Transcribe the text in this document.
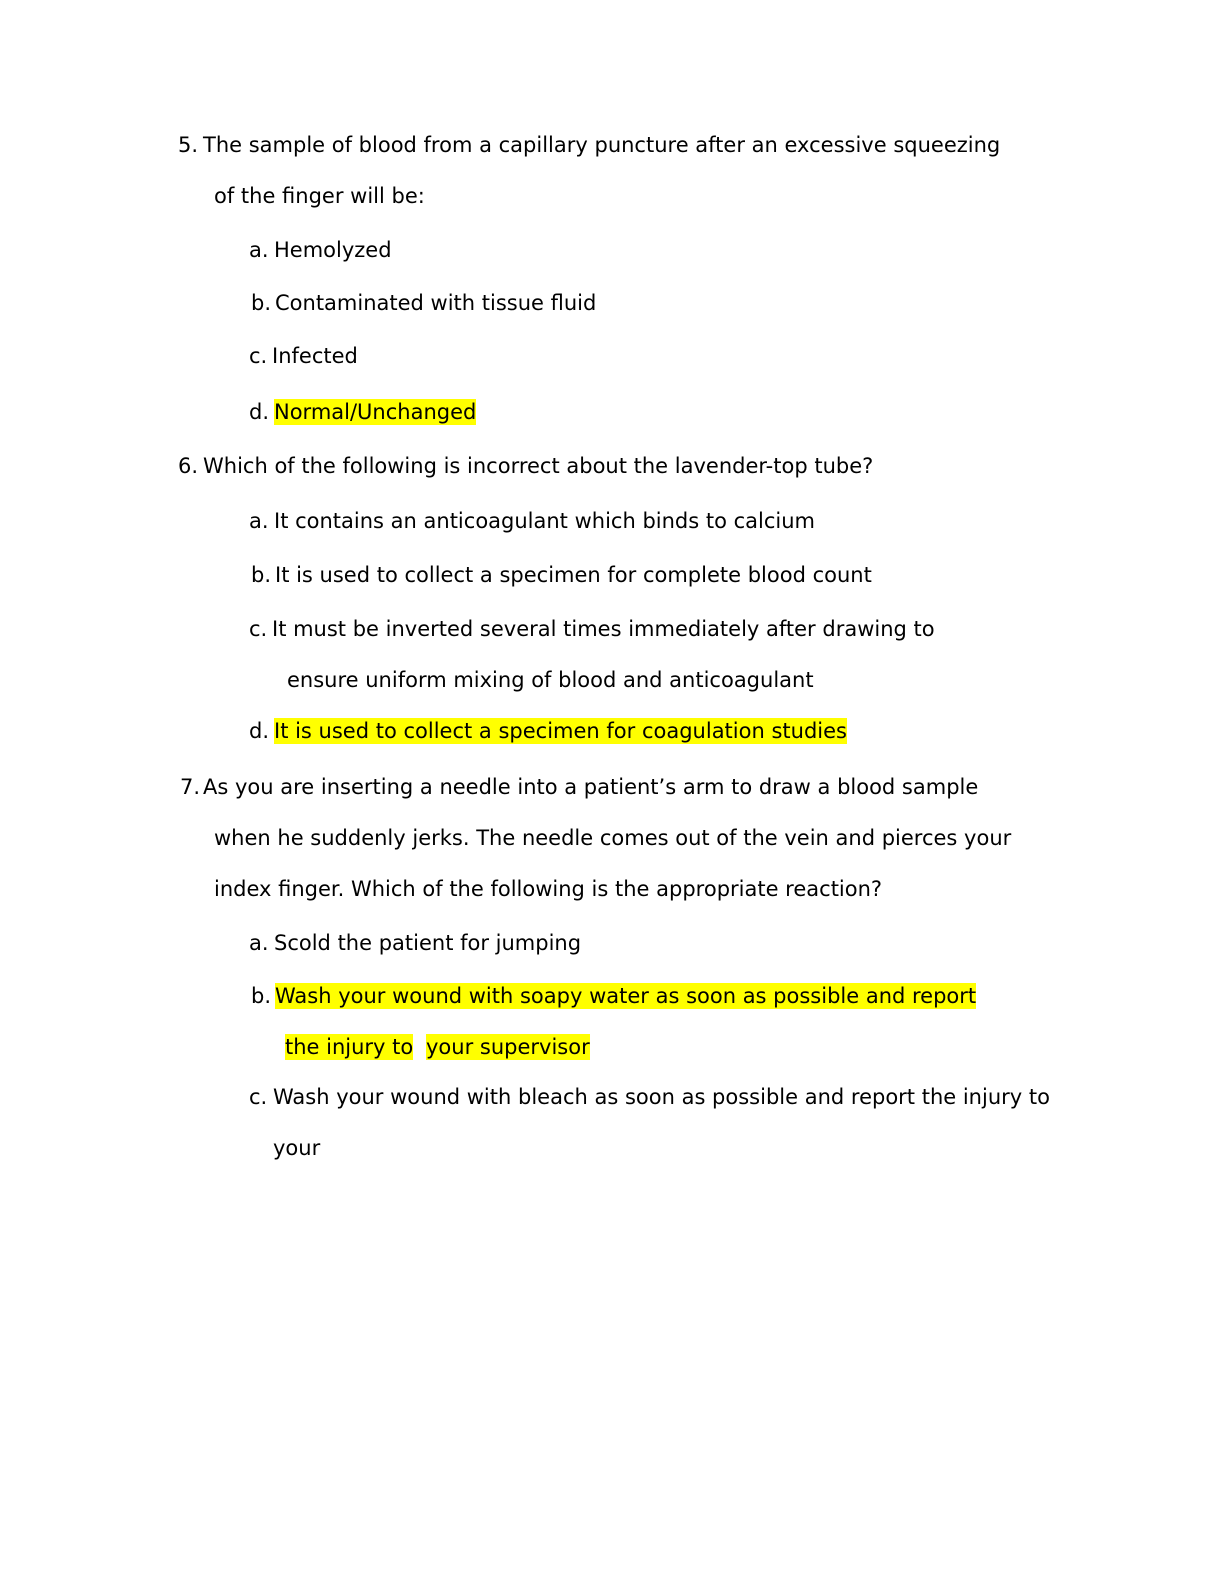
5. The sample of blood from a capillary puncture after an excessive squeezing
of the finger will be:
a. Hemolyzed
b. Contaminated with tissue fluid
c. Infected
d. Normal/Unchanged
6. Which of the following is incorrect about the lavender-top tube?
a. It contains an anticoagulant which binds to calcium
b. It is used to collect a specimen for complete blood count
c. It must be inverted several times immediately after drawing to
ensure uniform mixing of blood and anticoagulant
d. It is used to collect a specimen for coagulation studies
7. As you are inserting a needle into a patient’s arm to draw a blood sample
when he suddenly jerks. The needle comes out of the vein and pierces your
index finger. Which of the following is the appropriate reaction?
a. Scold the patient for jumping
b. Wash your wound with soapy water as soon as possible and report
the injury to your supervisor
c. Wash your wound with bleach as soon as possible and report the injury to
your
